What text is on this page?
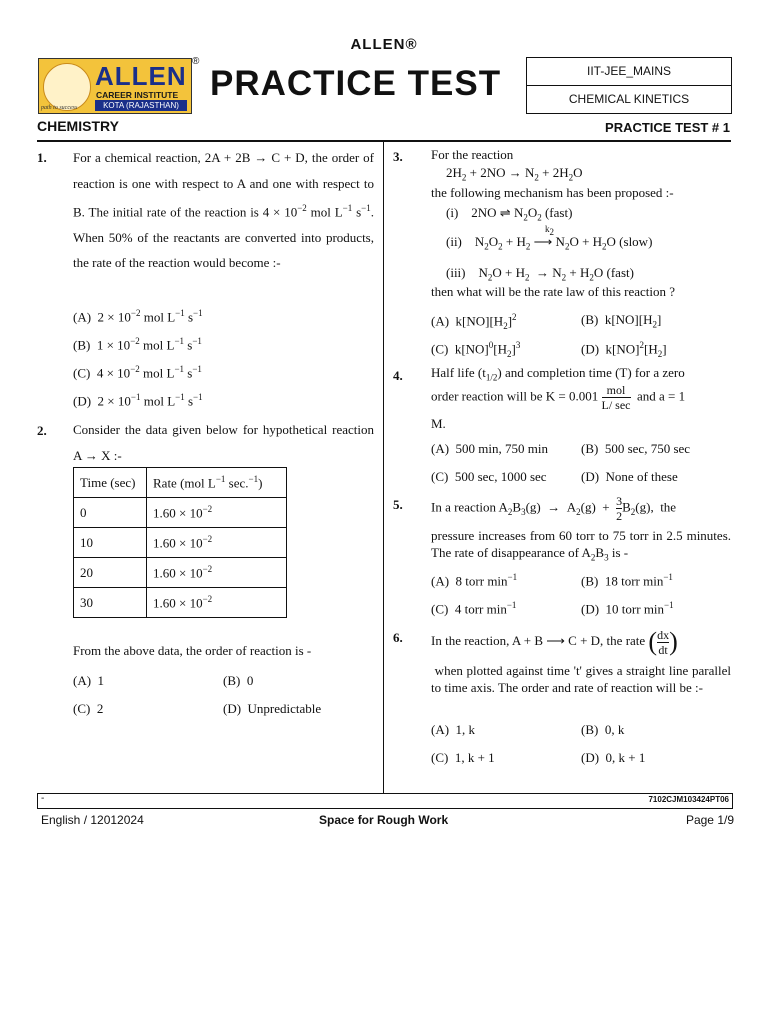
ALLEN®
path to success
ALLEN
CAREER INSTITUTE
KOTA (RAJASTHAN)
®
PRACTICE TEST	IIT-JEE_MAINS
CHEMICAL KINETICS
CHEMISTRY	PRACTICE TEST # 1
1. For a chemical reaction, 2A + 2B → C + D, the order of reaction is one with respect to A and one with respect to B. The initial rate of the reaction is $4 \times 10^{-2}$ mol $L^{-1}$ $s^{-1}$. When 50% of the reactants are converted into products, the rate of the reaction would become :-
(A) $2 \times 10^{-2}$ mol $L^{-1}$ $s^{-1}$
(B) $1 \times 10^{-2}$ mol $L^{-1}$ $s^{-1}$
(C) $4 \times 10^{-2}$ mol $L^{-1}$ $s^{-1}$
(D) $2 \times 10^{-1}$ mol $L^{-1}$ $s^{-1}$
2. Consider the data given below for hypothetical reaction A → X :-
Time (sec)	Rate (mol $L^{-1}$ sec.$^{-1}$)
0	$1.60 \times 10^{-2}$
10	$1.60 \times 10^{-2}$
20	$1.60 \times 10^{-2}$
30	$1.60 \times 10^{-2}$
From the above data, the order of reaction is -
(A) 1	(B) 0
(C) 2	(D) Unpredictable
3. For the reaction
$2H_2 + 2NO \to N_2 + 2H_2O$
the following mechanism has been proposed :-
(i)    2NO ⇌ $N_2O_2$ (fast)
$k_2$
(ii)    $N_2O_2 + H_2$ ⟶ $N_2O + H_2O$ (slow)
(iii)    $N_2O + H_2 \to N_2 + H_2O$ (fast)
then what will be the rate law of this reaction ?
(A)  $k[NO][H_2]^2$	(B)  $k[NO][H_2]$
(C)  $k[NO]^0[H_2]^3$	(D)  $k[NO]^2[H_2]$
4. Half life $(t_{1/2})$ and completion time (T) for a zero
order reaction will be $K = 0.001 \frac{\text{mol}}{L/ \sec}$ and a = 1
M.
(A) 500 min, 750 min	(B) 500 sec, 750 sec
(C) 500 sec, 1000 sec	(D) None of these
5. In a reaction $A_2B_3(g) \to A_2(g) + \frac{3}{2} B_2(g)$,  the
pressure increases from 60 torr to 75 torr in 2.5 minutes. The rate of disappearance of $A_2B_3$ is -
(A) 8 torr $\min^{-1}$	(B) 18 torr $\min^{-1}$
(C) 4 torr $\min^{-1}$	(D) 10 torr $\min^{-1}$
6. In the reaction, A + B ⟶ C + D, the rate ( $\frac{dx}{dt}$ )
when plotted against time 't' gives a straight line parallel to time axis. The order and rate of reaction will be :-
(A) 1, k	(B) 0, k
(C) 1, k + 1	(D) 0, k + 1
-	7102CJM103424PT06
English / 12012024	Space for Rough Work	Page 1/9
